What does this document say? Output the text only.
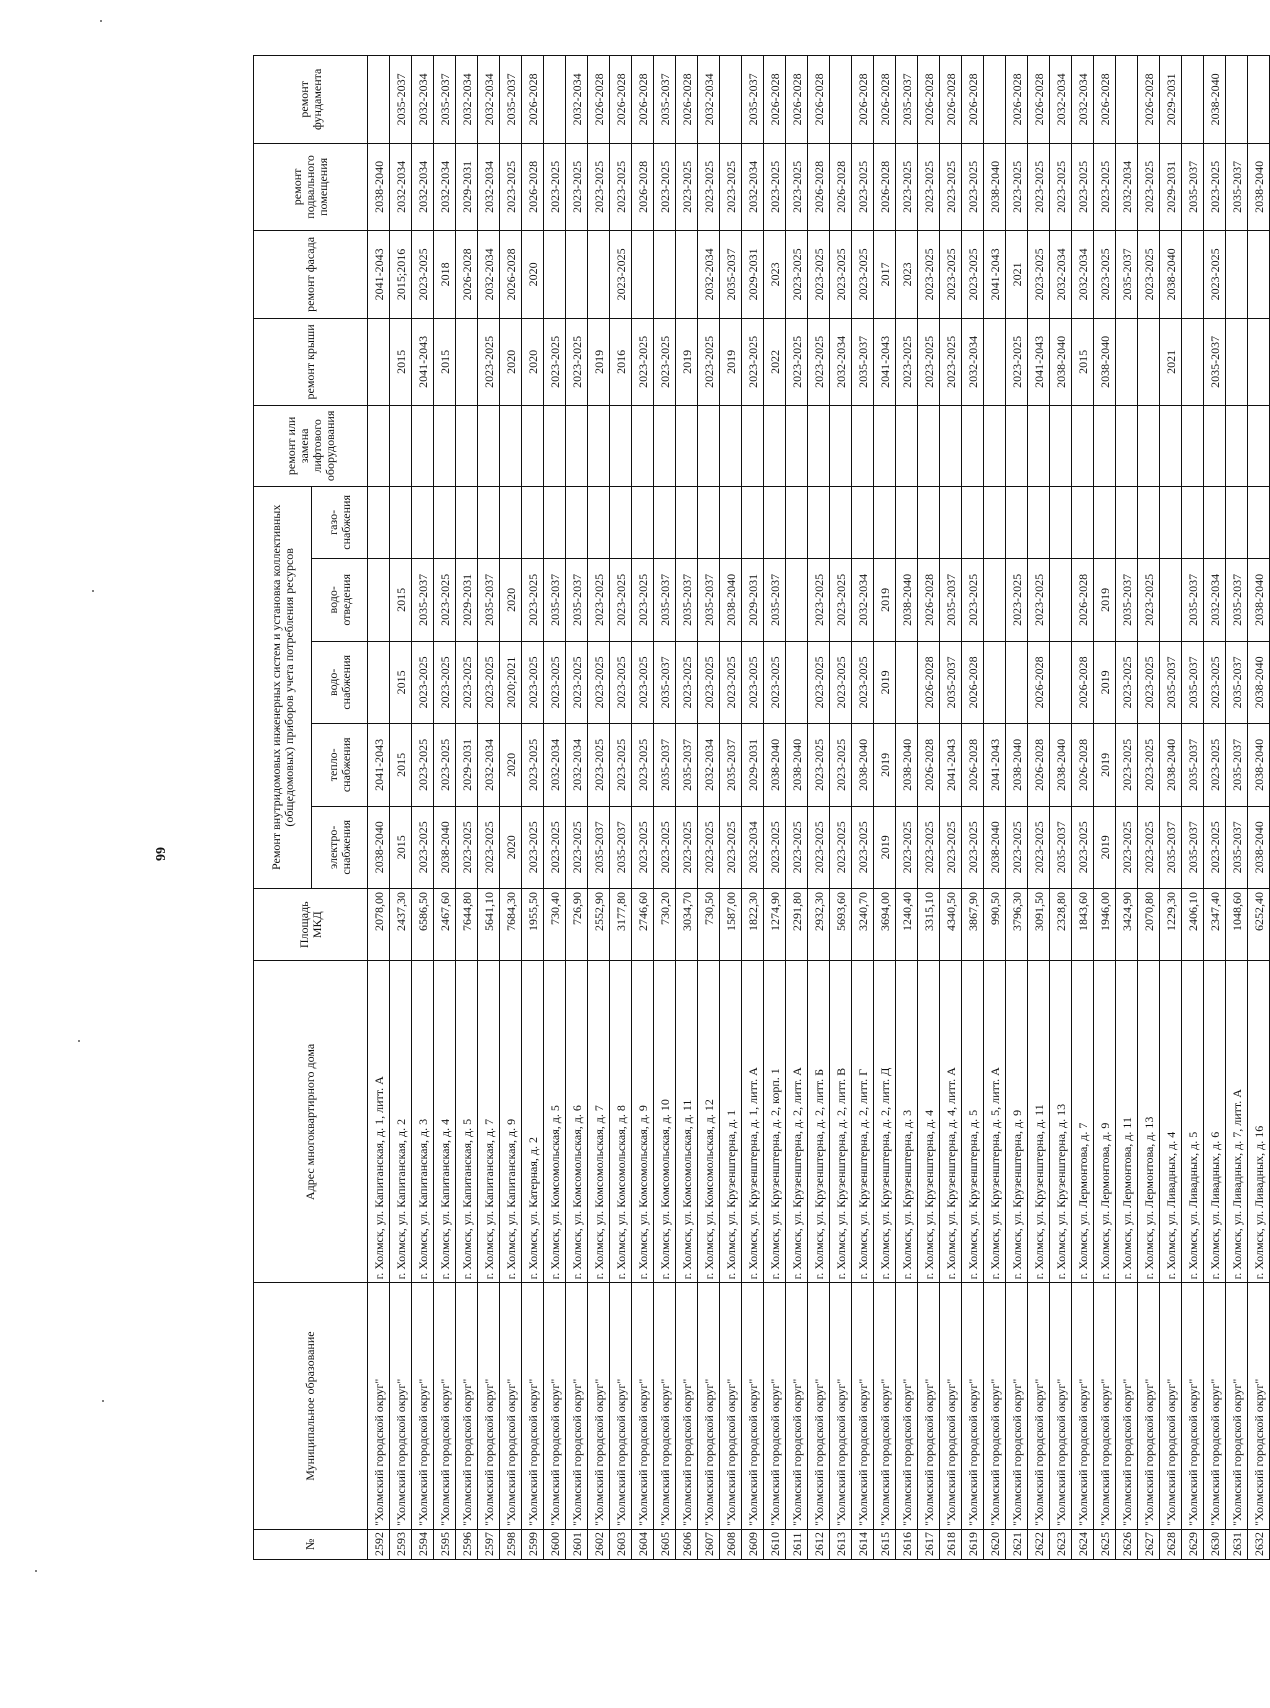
66
№	Муниципальное образование	Адрес многоквартирного дома	Площадь МКД	Ремонт внутридомовых инженерных систем и установка коллективных (общедомовых) приборов учета потребления ресурсов					ремонт или замена лифтового оборудования	ремонт крыши	ремонт фасада	ремонт подвального помещения	ремонт фундамента
				электро-снабжения	тепло-снабжения	водо-снабжения	водо-отведения	газо-снабжения					
2592	"Холмский городской округ"	г. Холмск, ул. Капитанская, д. 1, литт. А	2078,00	2038-2040	2041-2043						2041-2043	2038-2040	
2593	"Холмский городской округ"	г. Холмск, ул. Капитанская, д. 2	2437,30	2015	2015	2015	2015			2015	2015;2016	2032-2034	2035-2037
2594	"Холмский городской округ"	г. Холмск, ул. Капитанская, д. 3	6586,50	2023-2025	2023-2025	2023-2025	2035-2037			2041-2043	2023-2025	2032-2034	2032-2034
2595	"Холмский городской округ"	г. Холмск, ул. Капитанская, д. 4	2467,60	2038-2040	2023-2025	2023-2025	2023-2025			2015	2018	2032-2034	2035-2037
2596	"Холмский городской округ"	г. Холмск, ул. Капитанская, д. 5	7644,80	2023-2025	2029-2031	2023-2025	2029-2031				2026-2028	2029-2031	2032-2034
2597	"Холмский городской округ"	г. Холмск, ул. Капитанская, д. 7	5641,10	2023-2025	2032-2034	2023-2025	2035-2037			2023-2025	2032-2034	2032-2034	2032-2034
2598	"Холмский городской округ"	г. Холмск, ул. Капитанская, д. 9	7684,30	2020	2020	2020;2021	2020			2020	2026-2028	2023-2025	2035-2037
2599	"Холмский городской округ"	г. Холмск, ул. Катерная, д. 2	1955,50	2023-2025	2023-2025	2023-2025	2023-2025			2020	2020	2026-2028	2026-2028
2600	"Холмский городской округ"	г. Холмск, ул. Комсомольская, д. 5	730,40	2023-2025	2032-2034	2023-2025	2035-2037			2023-2025		2023-2025	
2601	"Холмский городской округ"	г. Холмск, ул. Комсомольская, д. 6	726,90	2023-2025	2032-2034	2023-2025	2035-2037			2023-2025		2023-2025	2032-2034
2602	"Холмский городской округ"	г. Холмск, ул. Комсомольская, д. 7	2552,90	2035-2037	2023-2025	2023-2025	2023-2025			2019		2023-2025	2026-2028
2603	"Холмский городской округ"	г. Холмск, ул. Комсомольская, д. 8	3177,80	2035-2037	2023-2025	2023-2025	2023-2025			2016	2023-2025	2023-2025	2026-2028
2604	"Холмский городской округ"	г. Холмск, ул. Комсомольская, д. 9	2746,60	2023-2025	2023-2025	2023-2025	2023-2025			2023-2025		2026-2028	2026-2028
2605	"Холмский городской округ"	г. Холмск, ул. Комсомольская, д. 10	730,20	2023-2025	2035-2037	2035-2037	2035-2037			2023-2025		2023-2025	2035-2037
2606	"Холмский городской округ"	г. Холмск, ул. Комсомольская, д. 11	3034,70	2023-2025	2035-2037	2023-2025	2035-2037			2019		2023-2025	2026-2028
2607	"Холмский городской округ"	г. Холмск, ул. Комсомольская, д. 12	730,50	2023-2025	2032-2034	2023-2025	2035-2037			2023-2025	2032-2034	2023-2025	2032-2034
2608	"Холмский городской округ"	г. Холмск, ул. Крузенштерна, д. 1	1587,00	2023-2025	2035-2037	2023-2025	2038-2040			2019	2035-2037	2023-2025	
2609	"Холмский городской округ"	г. Холмск, ул. Крузенштерна, д. 1, литт. А	1822,30	2032-2034	2029-2031	2023-2025	2029-2031			2023-2025	2029-2031	2032-2034	2035-2037
2610	"Холмский городской округ"	г. Холмск, ул. Крузенштерна, д. 2, корп. 1	1274,90	2023-2025	2038-2040	2023-2025	2035-2037			2022	2023	2023-2025	2026-2028
2611	"Холмский городской округ"	г. Холмск, ул. Крузенштерна, д. 2, литт. А	2291,80	2023-2025	2038-2040					2023-2025	2023-2025	2023-2025	2026-2028
2612	"Холмский городской округ"	г. Холмск, ул. Крузенштерна, д. 2, литт. Б	2932,30	2023-2025	2023-2025	2023-2025	2023-2025			2023-2025	2023-2025	2026-2028	2026-2028
2613	"Холмский городской округ"	г. Холмск, ул. Крузенштерна, д. 2, литт. В	5693,60	2023-2025	2023-2025	2023-2025	2023-2025			2032-2034	2023-2025	2026-2028	
2614	"Холмский городской округ"	г. Холмск, ул. Крузенштерна, д. 2, литт. Г	3240,70	2023-2025	2038-2040	2023-2025	2032-2034			2035-2037	2023-2025	2023-2025	2026-2028
2615	"Холмский городской округ"	г. Холмск, ул. Крузенштерна, д. 2, литт. Д	3694,00	2019	2019	2019	2019			2041-2043	2017	2026-2028	2026-2028
2616	"Холмский городской округ"	г. Холмск, ул. Крузенштерна, д. 3	1240,40	2023-2025	2038-2040		2038-2040			2023-2025	2023	2023-2025	2035-2037
2617	"Холмский городской округ"	г. Холмск, ул. Крузенштерна, д. 4	3315,10	2023-2025	2026-2028	2026-2028	2026-2028			2023-2025	2023-2025	2023-2025	2026-2028
2618	"Холмский городской округ"	г. Холмск, ул. Крузенштерна, д. 4, литт. А	4340,50	2023-2025	2041-2043	2035-2037	2035-2037			2023-2025	2023-2025	2023-2025	2026-2028
2619	"Холмский городской округ"	г. Холмск, ул. Крузенштерна, д. 5	3867,90	2023-2025	2026-2028	2026-2028	2023-2025			2032-2034	2023-2025	2023-2025	2026-2028
2620	"Холмский городской округ"	г. Холмск, ул. Крузенштерна, д. 5, литт. А	990,50	2038-2040	2041-2043						2041-2043	2038-2040	
2621	"Холмский городской округ"	г. Холмск, ул. Крузенштерна, д. 9	3796,30	2023-2025	2038-2040		2023-2025			2023-2025	2021	2023-2025	2026-2028
2622	"Холмский городской округ"	г. Холмск, ул. Крузенштерна, д. 11	3091,50	2023-2025	2026-2028	2026-2028	2023-2025			2041-2043	2023-2025	2023-2025	2026-2028
2623	"Холмский городской округ"	г. Холмск, ул. Крузенштерна, д. 13	2328,80	2035-2037	2038-2040					2038-2040	2032-2034	2023-2025	2032-2034
2624	"Холмский городской округ"	г. Холмск, ул. Лермонтова, д. 7	1843,60	2023-2025	2026-2028	2026-2028	2026-2028			2015	2032-2034	2023-2025	2032-2034
2625	"Холмский городской округ"	г. Холмск, ул. Лермонтова, д. 9	1946,00	2019	2019	2019	2019			2038-2040	2023-2025	2023-2025	2026-2028
2626	"Холмский городской округ"	г. Холмск, ул. Лермонтова, д. 11	3424,90	2023-2025	2023-2025	2023-2025	2035-2037				2035-2037	2032-2034	
2627	"Холмский городской округ"	г. Холмск, ул. Лермонтова, д. 13	2070,80	2023-2025	2023-2025	2023-2025	2023-2025				2023-2025	2023-2025	2026-2028
2628	"Холмский городской округ"	г. Холмск, ул. Ливадных, д. 4	1229,30	2035-2037	2038-2040	2035-2037				2021	2038-2040	2029-2031	2029-2031
2629	"Холмский городской округ"	г. Холмск, ул. Ливадных, д. 5	2406,10	2035-2037	2035-2037	2035-2037	2035-2037					2035-2037	
2630	"Холмский городской округ"	г. Холмск, ул. Ливадных, д. 6	2347,40	2023-2025	2023-2025	2023-2025	2032-2034			2035-2037	2023-2025	2023-2025	2038-2040
2631	"Холмский городской округ"	г. Холмск, ул. Ливадных, д. 7, литт. А	1048,60	2035-2037	2035-2037	2035-2037	2035-2037					2035-2037	
2632	"Холмский городской округ"	г. Холмск, ул. Ливадных, д. 16	6252,40	2038-2040	2038-2040	2038-2040	2038-2040					2038-2040	
